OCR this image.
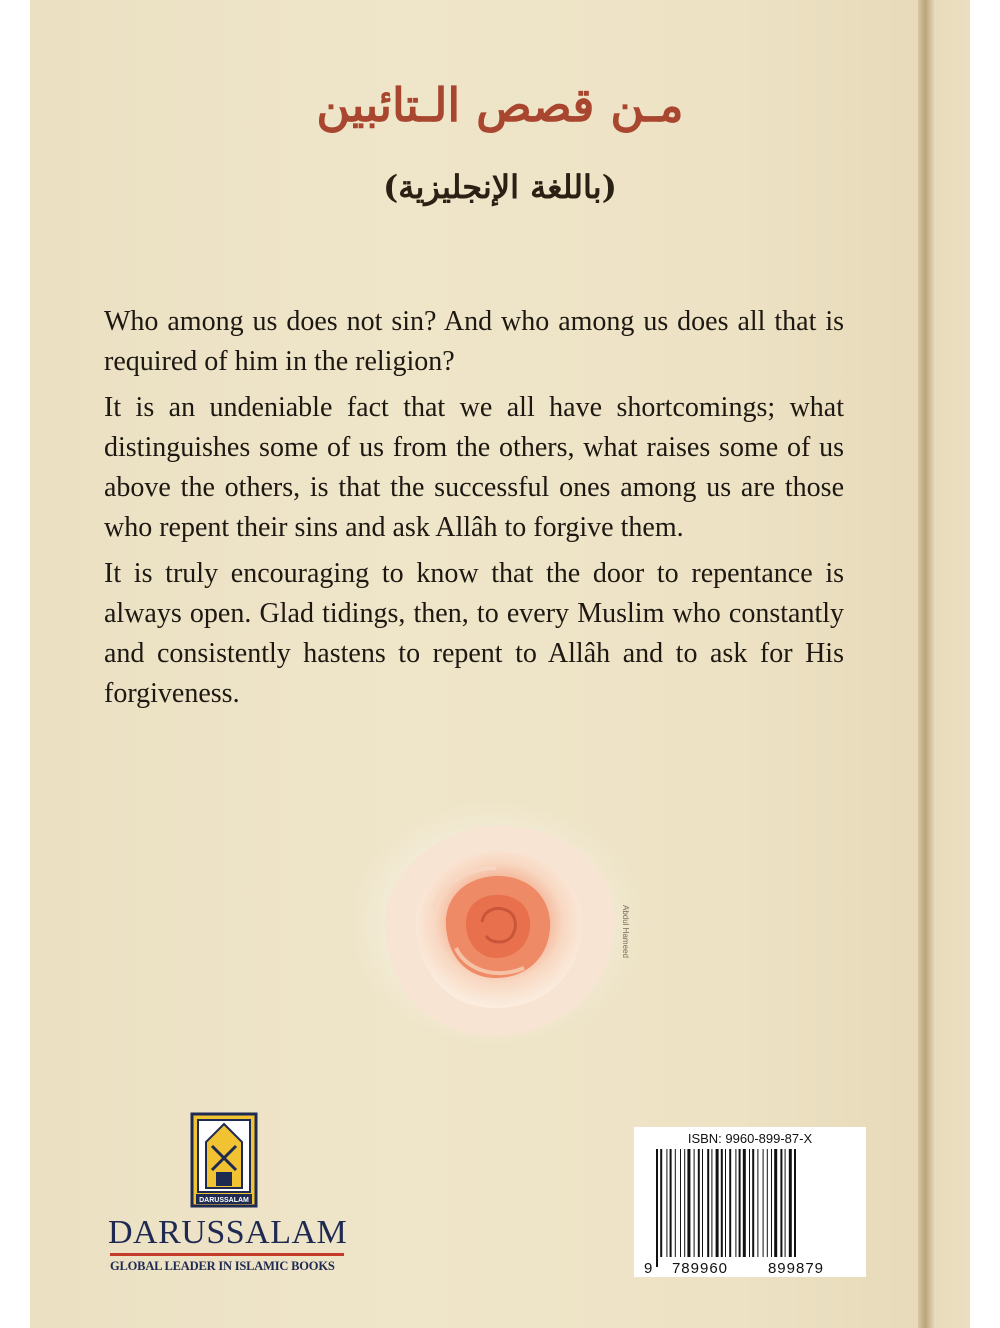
مـن قصص الـتائبين
(باللغة الإنجليزية)

Who among us does not sin? And who among us does all that is required of him in the religion?

It is an undeniable fact that we all have shortcomings; what distinguishes some of us from the others, what raises some of us above the others, is that the successful ones among us are those who repent their sins and ask Allâh to forgive them.

It is truly encouraging to know that the door to repentance is always open. Glad tidings, then, to every Muslim who constantly and consistently hastens to repent to Allâh and to ask for His forgiveness.

Abdul Hameed
DARUSSALAM
DARUSSALAM
GLOBAL LEADER IN ISLAMIC BOOKS
ISBN: 9960-899-87-X
9 789960	899879
